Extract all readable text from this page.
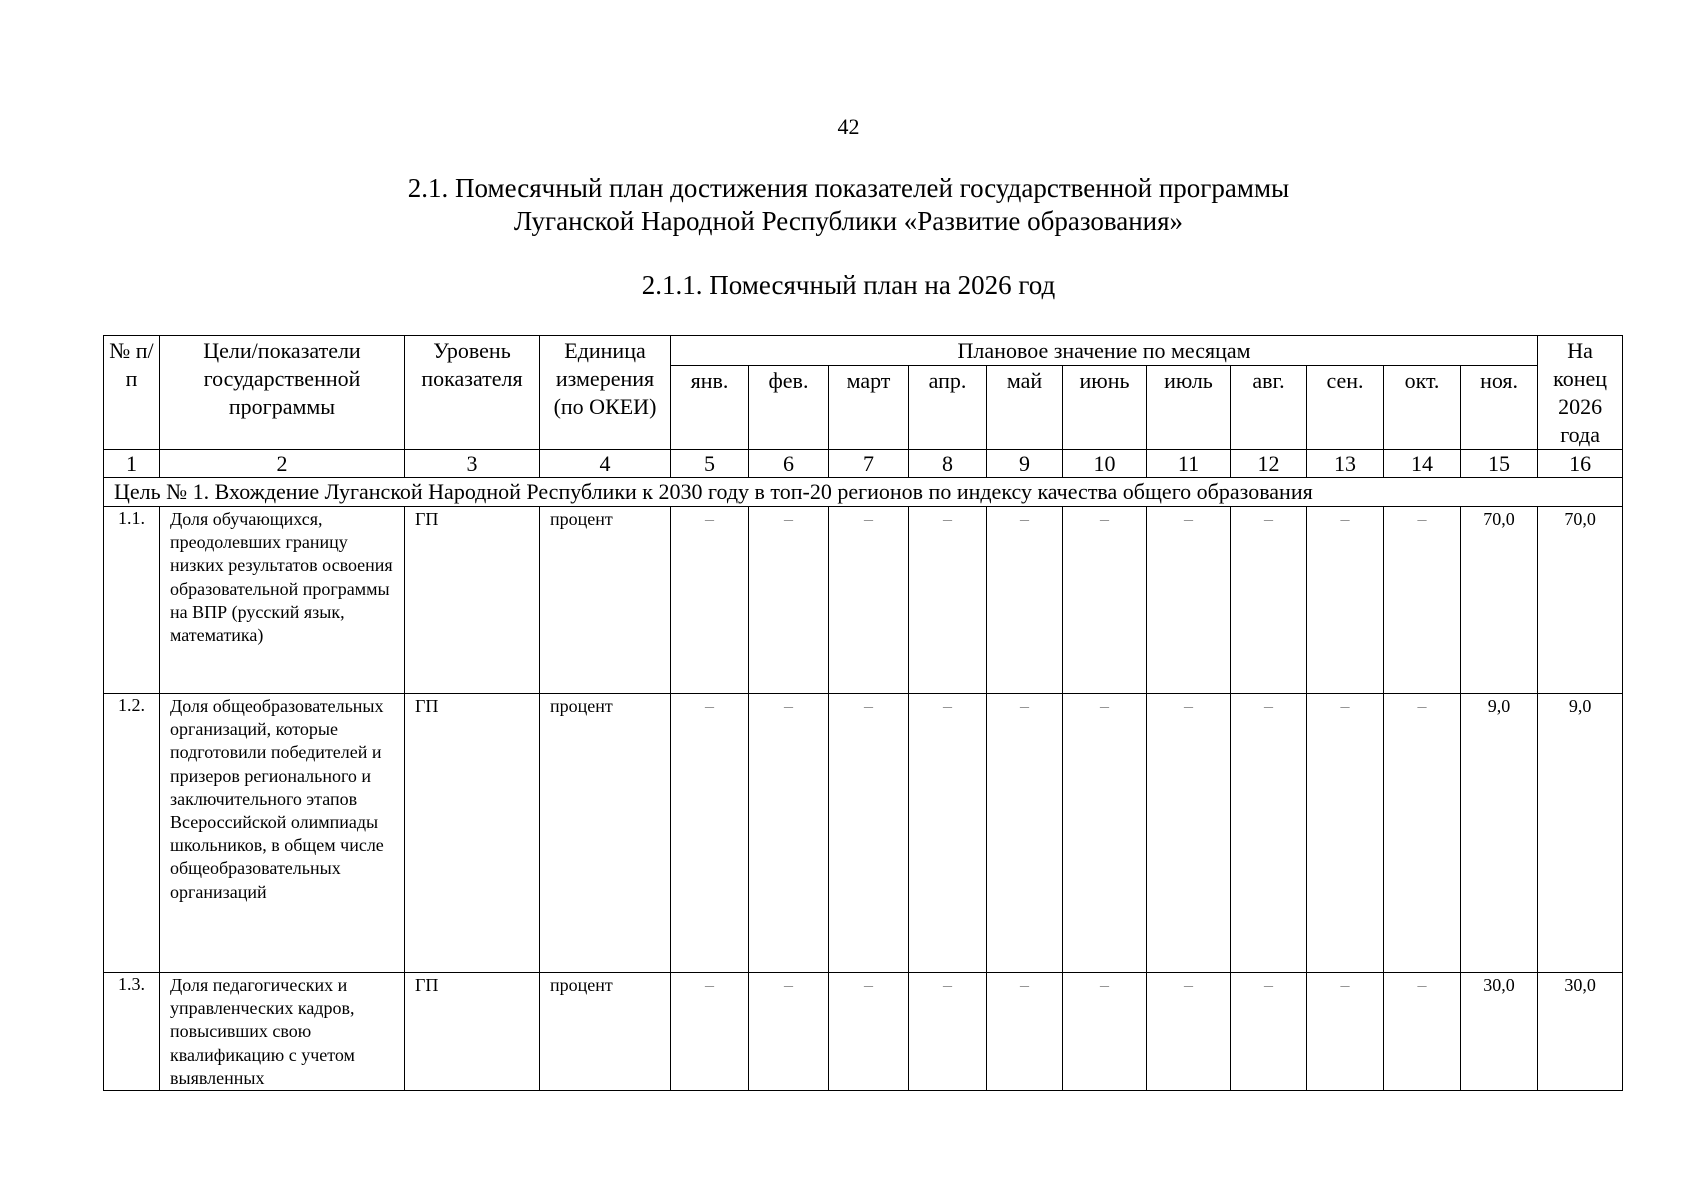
42
2.1. Помесячный план достижения показателей государственной программы
Луганской Народной Республики «Развитие образования»
2.1.1. Помесячный план на 2026 год
№ п/п	Цели/показатели государственной программы	Уровень показателя	Единица измерения (по ОКЕИ)	Плановое значение по месяцам											На конец 2026 года
				янв.	фев.	март	апр.	май	июнь	июль	авг.	сен.	окт.	ноя.	
1	2	3	4	5	6	7	8	9	10	11	12	13	14	15	16
Цель № 1. Вхождение Луганской Народной Республики к 2030 году в топ-20 регионов по индексу качества общего образования															
1.1.	Доля обучающихся, преодолевших границу низких результатов освоения образовательной программы на ВПР (русский язык, математика)	ГП	процент	–	–	–	–	–	–	–	–	–	–	70,0	70,0
1.2.	Доля общеобразовательных организаций, которые подготовили победителей и призеров регионального и заключительного этапов Всероссийской олимпиады школьников, в общем числе общеобразовательных организаций	ГП	процент	–	–	–	–	–	–	–	–	–	–	9,0	9,0
1.3.	Доля педагогических и управленческих кадров, повысивших свою квалификацию с учетом выявленных	ГП	процент	–	–	–	–	–	–	–	–	–	–	30,0	30,0
